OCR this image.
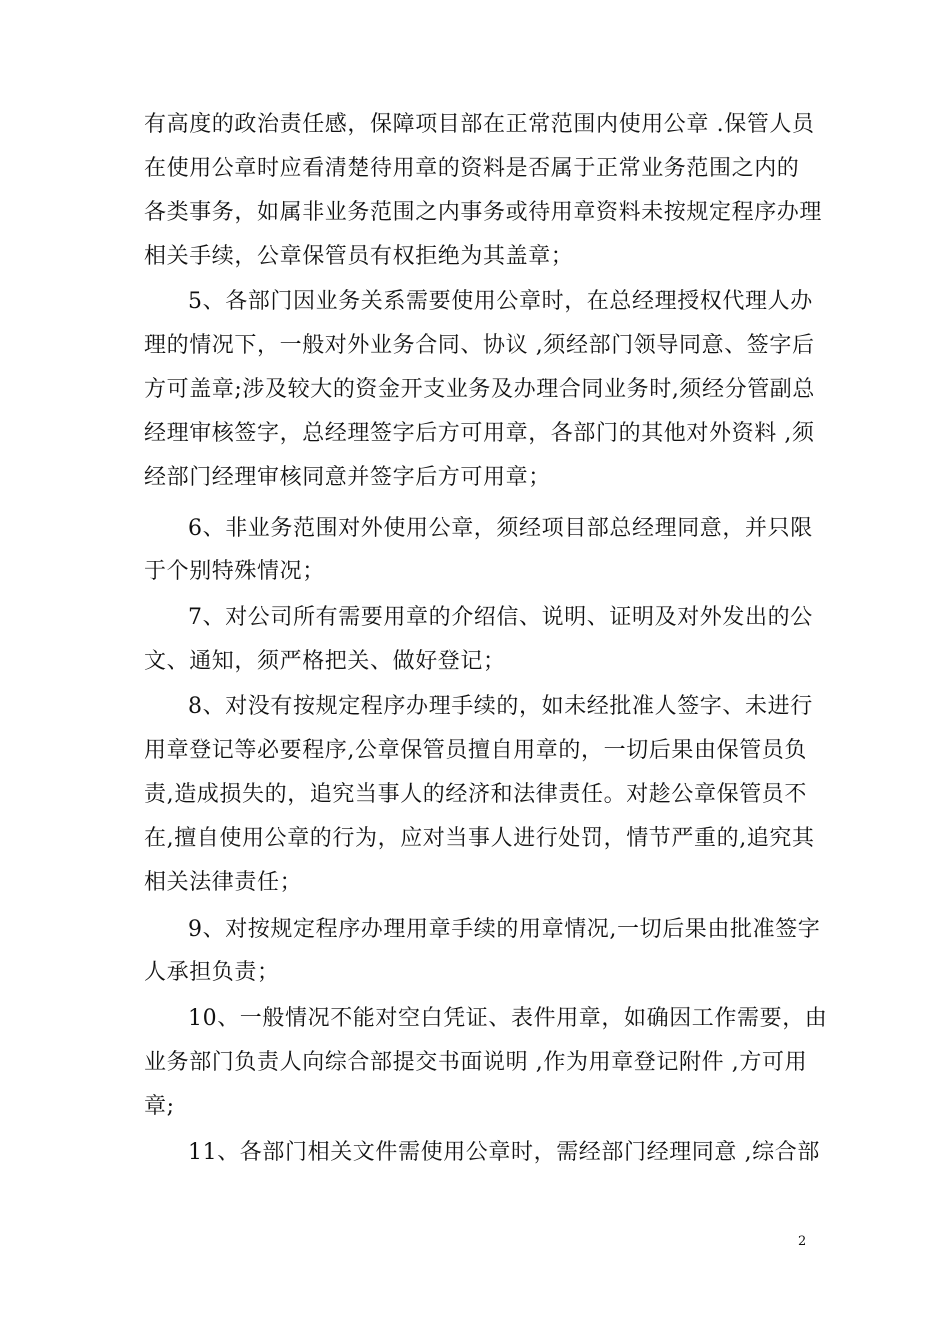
有高度的政治责任感，保障项目部在正常范围内使用公章 .保管人员
在使用公章时应看清楚待用章的资料是否属于正常业务范围之内的
各类事务，如属非业务范围之内事务或待用章资料未按规定程序办理
相关手续，公章保管员有权拒绝为其盖章；
5、各部门因业务关系需要使用公章时，在总经理授权代理人办
理的情况下，一般对外业务合同、协议 ,须经部门领导同意、签字后
方可盖章;涉及较大的资金开支业务及办理合同业务时,须经分管副总
经理审核签字，总经理签字后方可用章，各部门的其他对外资料 ,须
经部门经理审核同意并签字后方可用章；
6、非业务范围对外使用公章，须经项目部总经理同意，并只限
于个别特殊情况；
7、对公司所有需要用章的介绍信、说明、证明及对外发出的公
文、通知，须严格把关、做好登记；
8、对没有按规定程序办理手续的，如未经批准人签字、未进行
用章登记等必要程序,公章保管员擅自用章的，一切后果由保管员负
责,造成损失的，追究当事人的经济和法律责任。对趁公章保管员不
在,擅自使用公章的行为，应对当事人进行处罚，情节严重的,追究其
相关法律责任；
9、对按规定程序办理用章手续的用章情况,一切后果由批准签字
人承担负责；
10、一般情况不能对空白凭证、表件用章，如确因工作需要，由
业务部门负责人向综合部提交书面说明 ,作为用章登记附件 ,方可用
章;
11、各部门相关文件需使用公章时，需经部门经理同意 ,综合部
2
